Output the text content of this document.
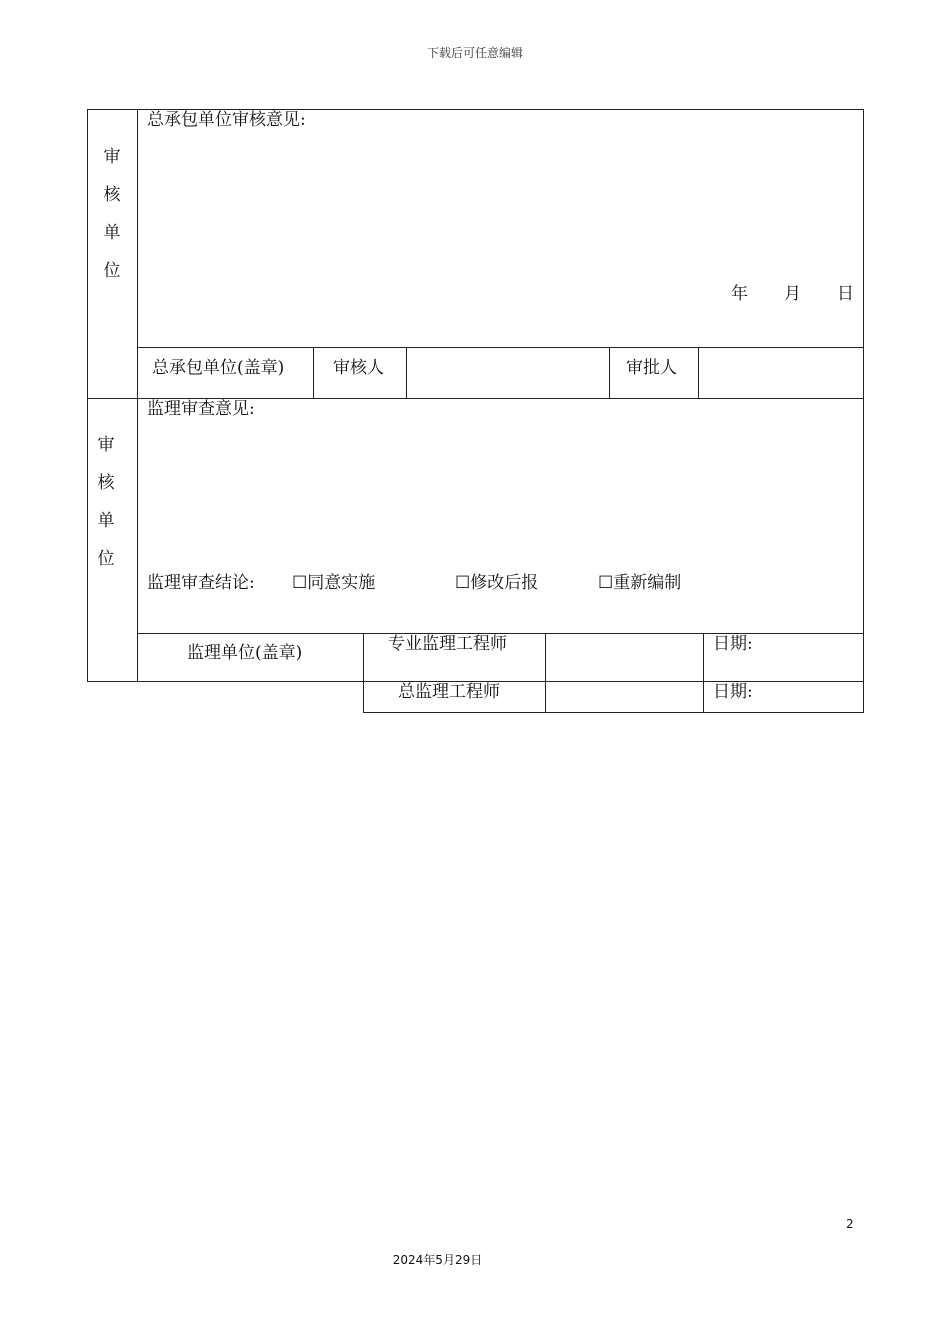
下载后可任意编辑
审
核
单
位
总承包单位审核意见:
年 月 日
总承包单位(盖章)	审核人	审批人
审
核
单
位
监理审查意见:
监理审查结论: ☐同意实施	☐修改后报	☐重新编制
监理单位(盖章)	专业监理工程师	日期:
总监理工程师	日期:
2
2024年5月29日
